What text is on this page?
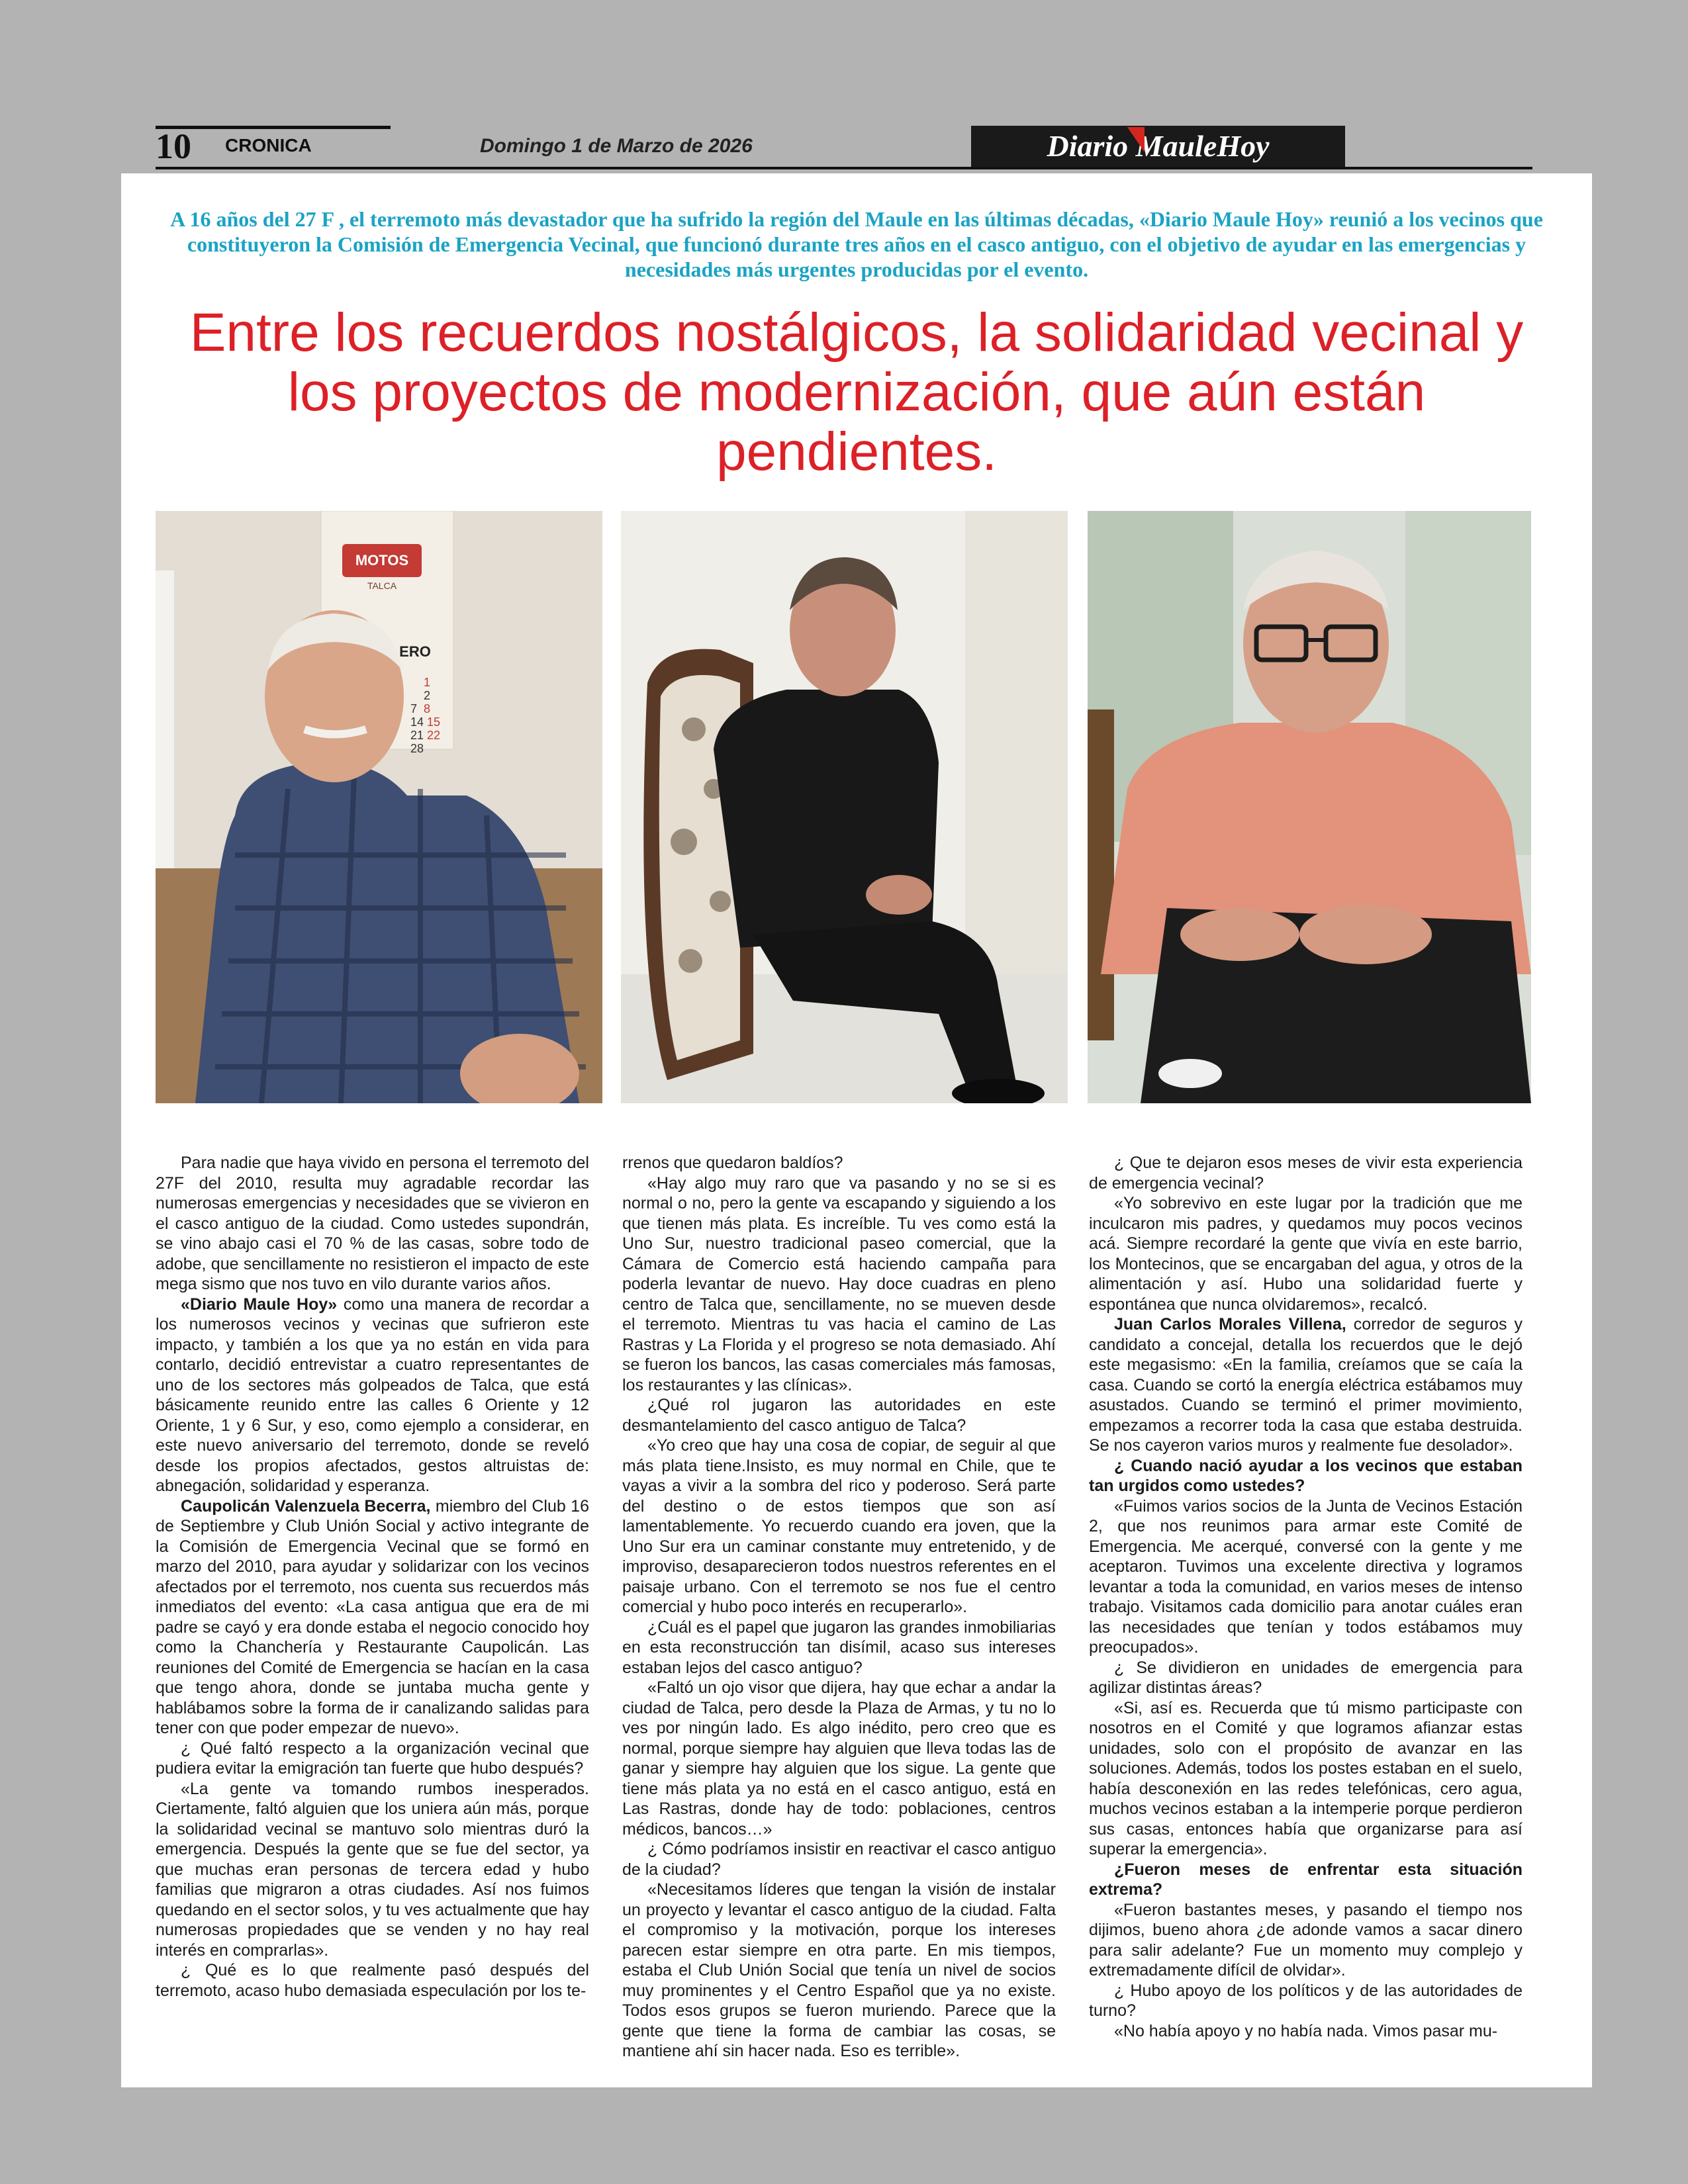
10 CRONICA	Domingo 1 de Marzo de 2026	Diario MauleHoy

A 16 años del 27 F , el terremoto más devastador que ha sufrido la región del Maule en las últimas décadas, «Diario Maule Hoy» reunió a los vecinos que constituyeron la Comisión de Emergencia Vecinal, que funcionó durante tres años en el casco antiguo, con el objetivo de ayudar en las emergencias y necesidades más urgentes producidas por el evento.

Entre los recuerdos nostálgicos, la solidaridad vecinal y los proyectos de modernización, que aún están pendientes.
MOTOS
TALCA
ERO
1
2
7 8
14 15
21 22
28

Para nadie que haya vivido en persona el terremoto del 27F del 2010, resulta muy agradable recordar las numerosas emergencias y necesidades que se vivieron en el casco antiguo de la ciudad. Como ustedes supondrán, se vino abajo casi el 70 % de las casas, sobre todo de adobe, que sencillamente no resistieron el impacto de este mega sismo que nos tuvo en vilo durante varios años.

«Diario Maule Hoy» como una manera de recordar a los numerosos vecinos y vecinas que sufrieron este impacto, y también a los que ya no están en vida para contarlo, decidió entrevistar a cuatro representantes de uno de los sectores más golpeados de Talca, que está básicamente reunido entre las calles 6 Oriente y 12 Oriente, 1 y 6 Sur, y eso, como ejemplo a considerar, en este nuevo aniversario del terremoto, donde se reveló desde los propios afectados, gestos altruistas de: abnegación, solidaridad y esperanza.

Caupolicán Valenzuela Becerra, miembro del Club 16 de Septiembre y Club Unión Social y activo integrante de la Comisión de Emergencia Vecinal que se formó en marzo del 2010, para ayudar y solidarizar con los vecinos afectados por el terremoto, nos cuenta sus recuerdos más inmediatos del evento: «La casa antigua que era de mi padre se cayó y era donde estaba el negocio conocido hoy como la Chanchería y Restaurante Caupolicán. Las reuniones del Comité de Emergencia se hacían en la casa que tengo ahora, donde se juntaba mucha gente y hablábamos sobre la forma de ir canalizando salidas para tener con que poder empezar de nuevo».

¿ Qué faltó respecto a la organización vecinal que pudiera evitar la emigración tan fuerte que hubo después?

«La gente va tomando rumbos inesperados. Ciertamente, faltó alguien que los uniera aún más, porque la solidaridad vecinal se mantuvo solo mientras duró la emergencia. Después la gente que se fue del sector, ya que muchas eran personas de tercera edad y hubo familias que migraron a otras ciudades. Así nos fuimos quedando en el sector solos, y tu ves actualmente que hay numerosas propiedades que se venden y no hay real interés en comprarlas».

¿ Qué es lo que realmente pasó después del terremoto, acaso hubo demasiada especulación por los te-

rrenos que quedaron baldíos?

«Hay algo muy raro que va pasando y no se si es normal o no, pero la gente va escapando y siguiendo a los que tienen más plata. Es increíble. Tu ves como está la Uno Sur, nuestro tradicional paseo comercial, que la Cámara de Comercio está haciendo campaña para poderla levantar de nuevo. Hay doce cuadras en pleno centro de Talca que, sencillamente, no se mueven desde el terremoto. Mientras tu vas hacia el camino de Las Rastras y La Florida y el progreso se nota demasiado. Ahí se fueron los bancos, las casas comerciales más famosas, los restaurantes y las clínicas».

¿Qué rol jugaron las autoridades en este desmantelamiento del casco antiguo de Talca?

«Yo creo que hay una cosa de copiar, de seguir al que más plata tiene.Insisto, es muy normal en Chile, que te vayas a vivir a la sombra del rico y poderoso. Será parte del destino o de estos tiempos que son así lamentablemente. Yo recuerdo cuando era joven, que la Uno Sur era un caminar constante muy entretenido, y de improviso, desaparecieron todos nuestros referentes en el paisaje urbano. Con el terremoto se nos fue el centro comercial y hubo poco interés en recuperarlo».

¿Cuál es el papel que jugaron las grandes inmobiliarias en esta reconstrucción tan disímil, acaso sus intereses estaban lejos del casco antiguo?

«Faltó un ojo visor que dijera, hay que echar a andar la ciudad de Talca, pero desde la Plaza de Armas, y tu no lo ves por ningún lado. Es algo inédito, pero creo que es normal, porque siempre hay alguien que lleva todas las de ganar y siempre hay alguien que los sigue. La gente que tiene más plata ya no está en el casco antiguo, está en Las Rastras, donde hay de todo: poblaciones, centros médicos, bancos…»

¿ Cómo podríamos insistir en reactivar el casco antiguo de la ciudad?

«Necesitamos líderes que tengan la visión de instalar un proyecto y levantar el casco antiguo de la ciudad. Falta el compromiso y la motivación, porque los intereses parecen estar siempre en otra parte. En mis tiempos, estaba el Club Unión Social que tenía un nivel de socios muy prominentes y el Centro Español que ya no existe. Todos esos grupos se fueron muriendo. Parece que la gente que tiene la forma de cambiar las cosas, se mantiene ahí sin hacer nada. Eso es terrible».

¿ Que te dejaron esos meses de vivir esta experiencia de emergencia vecinal?

«Yo sobrevivo en este lugar por la tradición que me inculcaron mis padres, y quedamos muy pocos vecinos acá. Siempre recordaré la gente que vivía en este barrio, los Montecinos, que se encargaban del agua, y otros de la alimentación y así. Hubo una solidaridad fuerte y espontánea que nunca olvidaremos», recalcó.

Juan Carlos Morales Villena, corredor de seguros y candidato a concejal, detalla los recuerdos que le dejó este megasismo: «En la familia, creíamos que se caía la casa. Cuando se cortó la energía eléctrica estábamos muy asustados. Cuando se terminó el primer movimiento, empezamos a recorrer toda la casa que estaba destruida. Se nos cayeron varios muros y realmente fue desolador».

¿ Cuando nació ayudar a los vecinos que estaban tan urgidos como ustedes?

«Fuimos varios socios de la Junta de Vecinos Estación 2, que nos reunimos para armar este Comité de Emergencia. Me acerqué, conversé con la gente y me aceptaron. Tuvimos una excelente directiva y logramos levantar a toda la comunidad, en varios meses de intenso trabajo. Visitamos cada domicilio para anotar cuáles eran las necesidades que tenían y todos estábamos muy preocupados».

¿ Se dividieron en unidades de emergencia para agilizar distintas áreas?

«Si, así es. Recuerda que tú mismo participaste con nosotros en el Comité y que logramos afianzar estas unidades, solo con el propósito de avanzar en las soluciones. Además, todos los postes estaban en el suelo, había desconexión en las redes telefónicas, cero agua, muchos vecinos estaban a la intemperie porque perdieron sus casas, entonces había que organizarse para así superar la emergencia».

¿Fueron meses de enfrentar esta situación extrema?

«Fueron bastantes meses, y pasando el tiempo nos dijimos, bueno ahora ¿de adonde vamos a sacar dinero para salir adelante? Fue un momento muy complejo y extremadamente difícil de olvidar».

¿ Hubo apoyo de los políticos y de las autoridades de turno?

«No había apoyo y no había nada. Vimos pasar mu-
